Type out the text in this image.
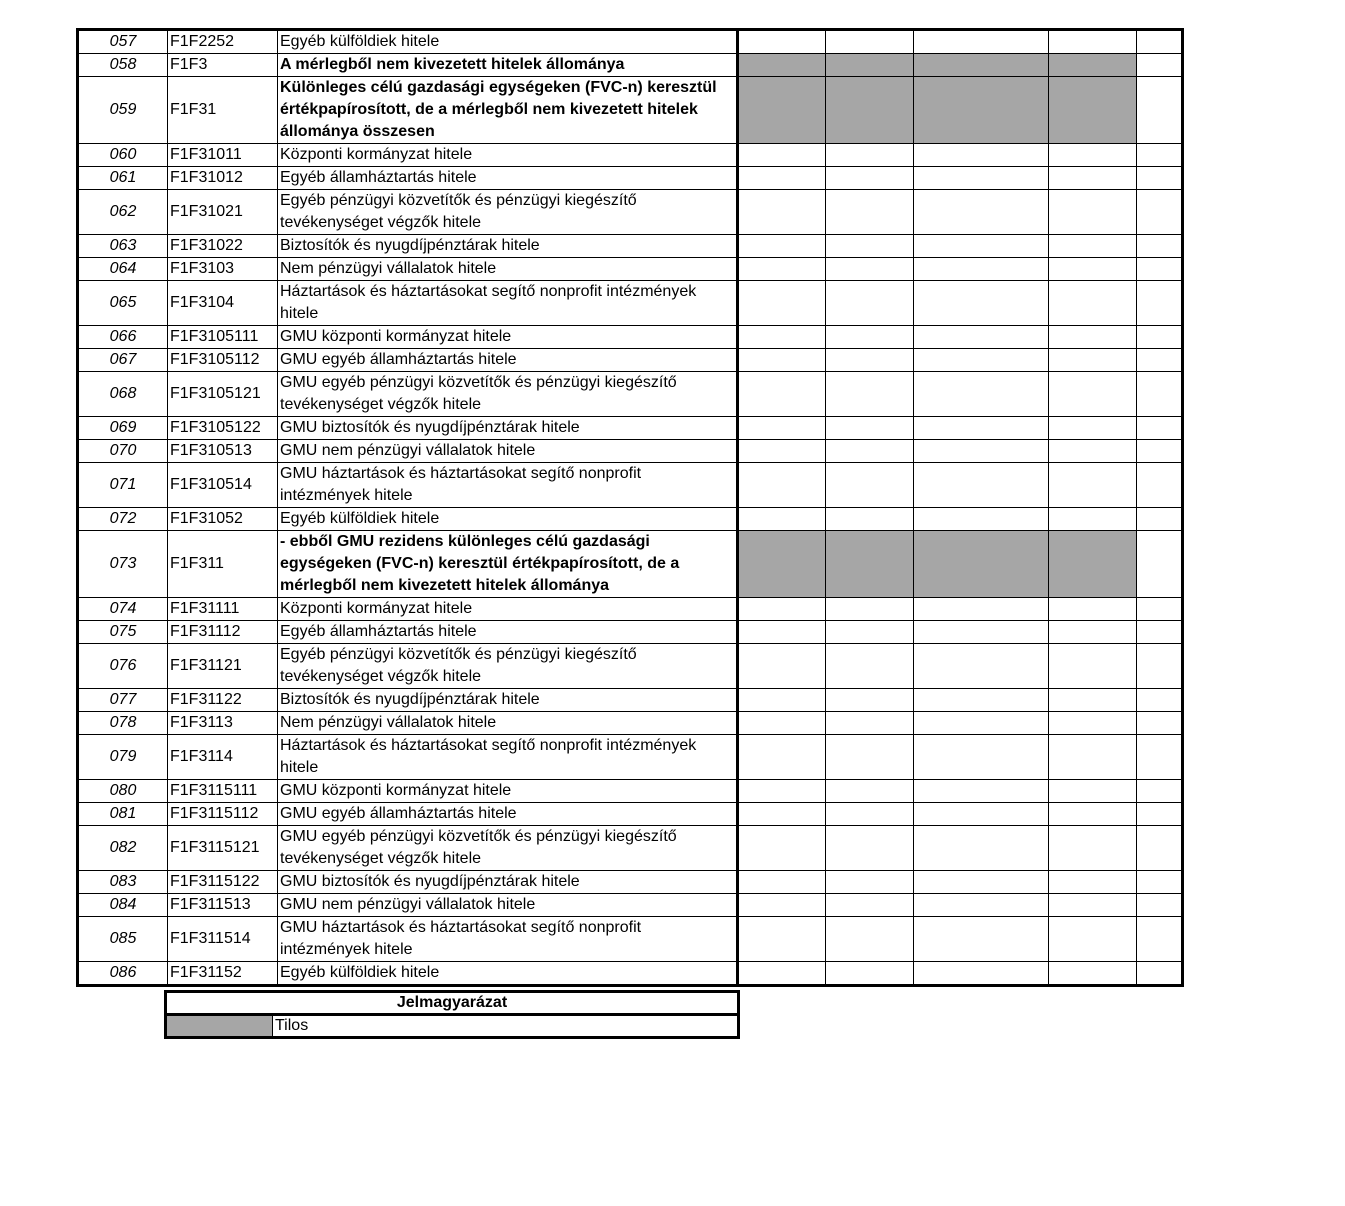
057	F1F2252	Egyéb külföldiek hitele					
058	F1F3	A mérlegből nem kivezetett hitelek állománya					
059	F1F31	Különleges célú gazdasági egységeken (FVC-n) keresztül értékpapírosított, de a mérlegből nem kivezetett hitelek állománya összesen					
060	F1F31011	Központi kormányzat hitele					
061	F1F31012	Egyéb államháztartás hitele					
062	F1F31021	Egyéb pénzügyi közvetítők és pénzügyi kiegészítő tevékenységet végzők hitele					
063	F1F31022	Biztosítók és nyugdíjpénztárak hitele					
064	F1F3103	Nem pénzügyi vállalatok hitele					
065	F1F3104	Háztartások és háztartásokat segítő nonprofit intézmények hitele					
066	F1F3105111	GMU központi kormányzat hitele					
067	F1F3105112	GMU egyéb államháztartás hitele					
068	F1F3105121	GMU egyéb pénzügyi közvetítők és pénzügyi kiegészítő tevékenységet végzők hitele					
069	F1F3105122	GMU biztosítók és nyugdíjpénztárak hitele					
070	F1F310513	GMU nem pénzügyi vállalatok hitele					
071	F1F310514	GMU háztartások és háztartásokat segítő nonprofit intézmények hitele					
072	F1F31052	Egyéb külföldiek hitele					
073	F1F311	- ebből GMU rezidens különleges célú gazdasági egységeken (FVC-n) keresztül értékpapírosított, de a mérlegből nem kivezetett hitelek állománya					
074	F1F31111	Központi kormányzat hitele					
075	F1F31112	Egyéb államháztartás hitele					
076	F1F31121	Egyéb pénzügyi közvetítők és pénzügyi kiegészítő tevékenységet végzők hitele					
077	F1F31122	Biztosítók és nyugdíjpénztárak hitele					
078	F1F3113	Nem pénzügyi vállalatok hitele					
079	F1F3114	Háztartások és háztartásokat segítő nonprofit intézmények hitele					
080	F1F3115111	GMU központi kormányzat hitele					
081	F1F3115112	GMU egyéb államháztartás hitele					
082	F1F3115121	GMU egyéb pénzügyi közvetítők és pénzügyi kiegészítő tevékenységet végzők hitele					
083	F1F3115122	GMU biztosítók és nyugdíjpénztárak hitele					
084	F1F311513	GMU nem pénzügyi vállalatok hitele					
085	F1F311514	GMU háztartások és háztartásokat segítő nonprofit intézmények hitele					
086	F1F31152	Egyéb külföldiek hitele					
Jelmagyarázat
	Tilos
